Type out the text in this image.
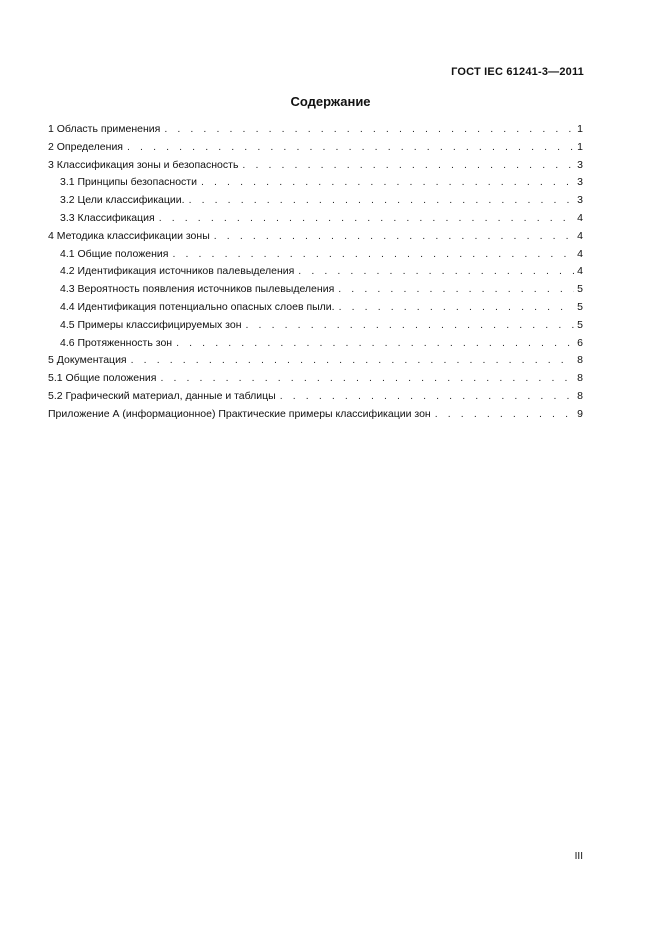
ГОСТ IEC 61241-3—2011
Содержание
1 Область применения . . .	1
2 Определения . . .	1
3 Классификация зоны и безопасность . . .	3
3.1 Принципы безопасности . . .	3
3.2 Цели классификации. . . .	3
3.3 Классификация . . .	4
4 Методика классификации зоны . . .	4
4.1 Общие положения . . .	4
4.2 Идентификация источников палевыделения . . .	4
4.3 Вероятность появления источников пылевыделения . . .	5
4.4 Идентификация потенциально опасных слоев пыли. . . .	5
4.5 Примеры классифицируемых зон . . .	5
4.6 Протяженность зон . . .	6
5 Документация . . .	8
5.1 Общие положения . . .	8
5.2 Графический материал, данные и таблицы . . .	8
Приложение А (информационное) Практические примеры классификации зон . . .	9
III
